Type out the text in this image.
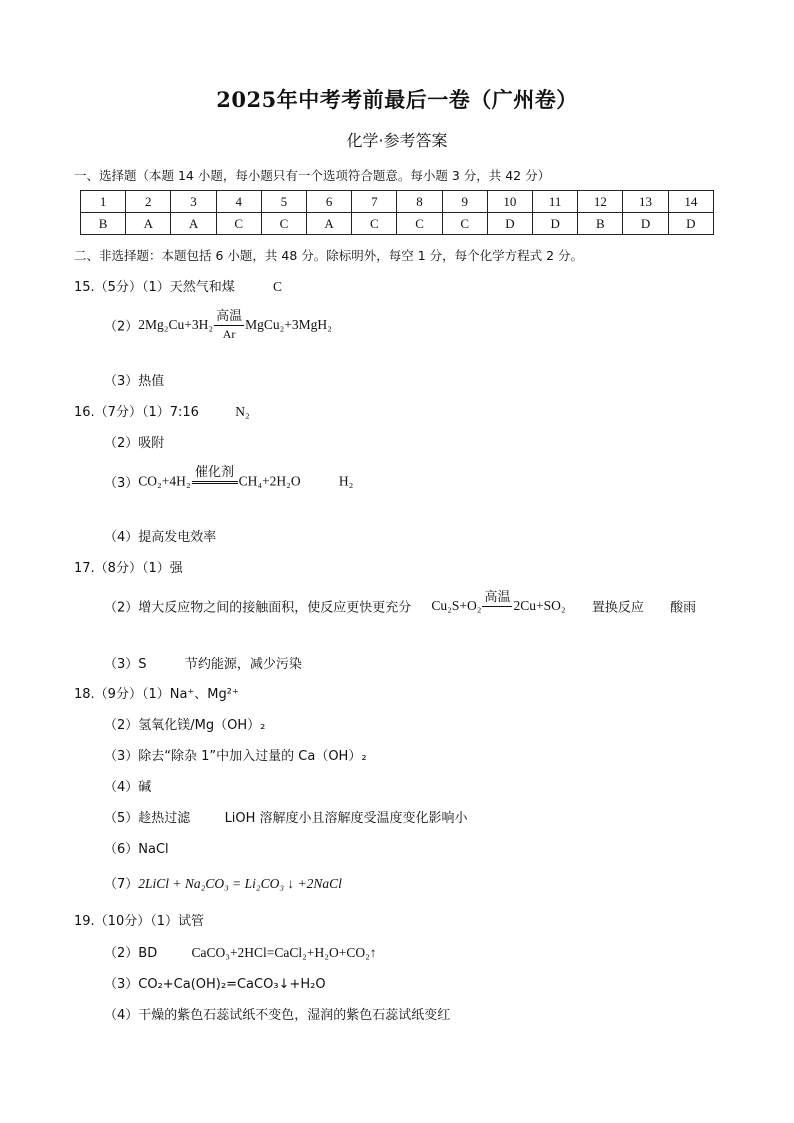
2025年中考考前最后一卷（广州卷）
化学·参考答案
一、选择题（本题 14 小题，每小题只有一个选项符合题意。每小题 3 分，共 42 分）
1	2	3	4	5	6	7	8	9	10	11	12	13	14
B	A	A	C	C	A	C	C	C	D	D	B	D	D
二、非选择题：本题包括 6 小题，共 48 分。除标明外，每空 1 分，每个化学方程式 2 分。
15.（5分）（1）天然气和煤	C
（2）2Mg₂Cu+3H₂
高温
Ar
MgCu₂+3MgH₂
（3）热值
16.（7分）（1）7:16	N₂
（2）吸附
（3）CO₂+4H₂
催化剂
CH₄+2H₂O	H₂
（4）提高发电效率
17.（8分）（1）强
（2）增大反应物之间的接触面积，使反应更快更充分 Cu₂S+O₂
高温
2Cu+SO₂ 置换反应 酸雨
（3）S	节约能源，减少污染
18.（9分）（1）Na⁺、Mg²⁺
（2）氢氧化镁/Mg（OH）₂
（3）除去“除杂 1”中加入过量的 Ca（OH）₂
（4）碱
（5）趁热过滤	LiOH 溶解度小且溶解度受温度变化影响小
（6）NaCl
（7）2LiCl + Na₂CO₃ = Li₂CO₃ ↓ +2NaCl
19.（10分）（1）试管
（2）BD	CaCO₃+2HCl=CaCl₂+H₂O+CO₂↑
（3）CO₂+Ca(OH)₂=CaCO₃↓+H₂O
（4）干燥的紫色石蕊试纸不变色，湿润的紫色石蕊试纸变红
